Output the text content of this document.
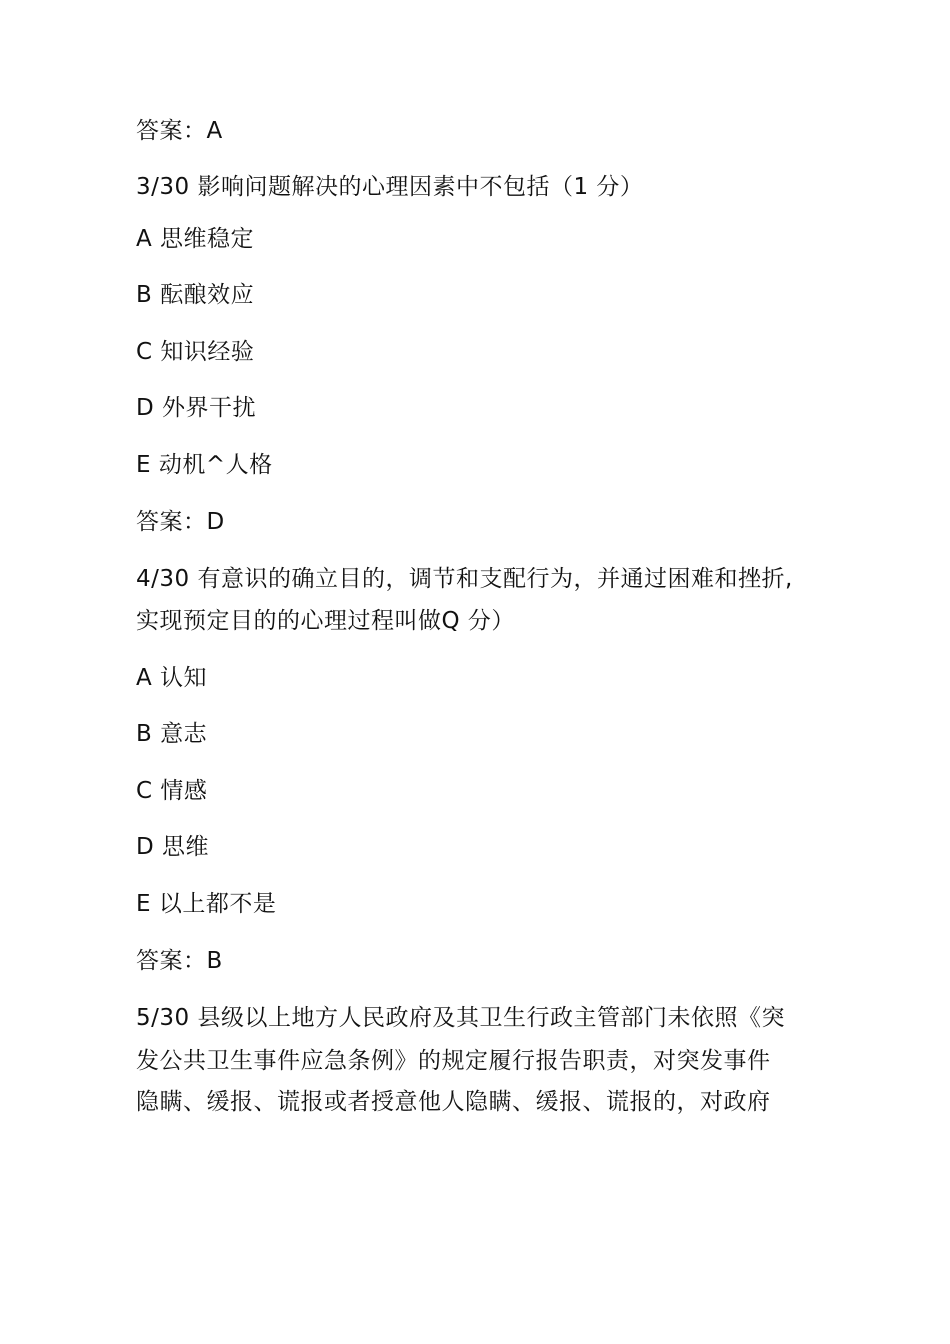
答案：A
3/30 影响问题解决的心理因素中不包括（1 分）
A 思维稳定
B 酝酿效应
C 知识经验
D 外界干扰
E 动机^人格
答案：D
4/30 有意识的确立目的，调节和支配行为，并通过困难和挫折,
实现预定目的的心理过程叫做Q 分）
A 认知
B 意志
C 情感
D 思维
E 以上都不是
答案：B
5/30 县级以上地方人民政府及其卫生行政主管部门未依照《突
发公共卫生事件应急条例》的规定履行报告职责，对突发事件
隐瞒、缓报、谎报或者授意他人隐瞒、缓报、谎报的，对政府
